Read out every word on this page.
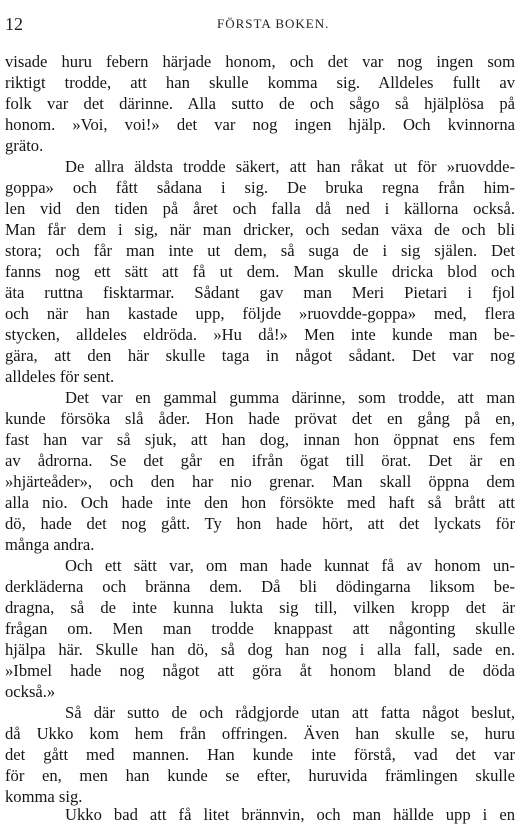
12	FÖRSTA BOKEN.
visade huru febern härjade honom, och det var nog ingen som
riktigt trodde, att han skulle komma sig. Alldeles fullt av
folk var det därinne. Alla sutto de och sågo så hjälplösa på
honom. »Voi, voi!» det var nog ingen hjälp. Och kvinnorna
gräto.
De allra äldsta trodde säkert, att han råkat ut för »ruovdde-
goppa» och fått sådana i sig. De bruka regna från him-
len vid den tiden på året och falla då ned i källorna också.
Man får dem i sig, när man dricker, och sedan växa de och bli
stora; och får man inte ut dem, så suga de i sig själen. Det
fanns nog ett sätt att få ut dem. Man skulle dricka blod och
äta ruttna fisktarmar. Sådant gav man Meri Pietari i fjol
och när han kastade upp, följde »ruovdde-goppa» med, flera
stycken, alldeles eldröda. »Hu då!» Men inte kunde man be-
gära, att den här skulle taga in något sådant. Det var nog
alldeles för sent.
Det var en gammal gumma därinne, som trodde, att man
kunde försöka slå åder. Hon hade prövat det en gång på en,
fast han var så sjuk, att han dog, innan hon öppnat ens fem
av ådrorna. Se det går en ifrån ögat till örat. Det är en
»hjärteåder», och den har nio grenar. Man skall öppna dem
alla nio. Och hade inte den hon försökte med haft så brått att
dö, hade det nog gått. Ty hon hade hört, att det lyckats för
många andra.
Och ett sätt var, om man hade kunnat få av honom un-
derkläderna och bränna dem. Då bli dödingarna liksom be-
dragna, så de inte kunna lukta sig till, vilken kropp det är
frågan om. Men man trodde knappast att någonting skulle
hjälpa här. Skulle han dö, så dog han nog i alla fall, sade en.
»Ibmel hade nog något att göra åt honom bland de döda
också.»
Så där sutto de och rådgjorde utan att fatta något beslut,
då Ukko kom hem från offringen. Även han skulle se, huru
det gått med mannen. Han kunde inte förstå, vad det var
för en, men han kunde se efter, huruvida främlingen skulle
komma sig.
Ukko bad att få litet brännvin, och man hällde upp i en
